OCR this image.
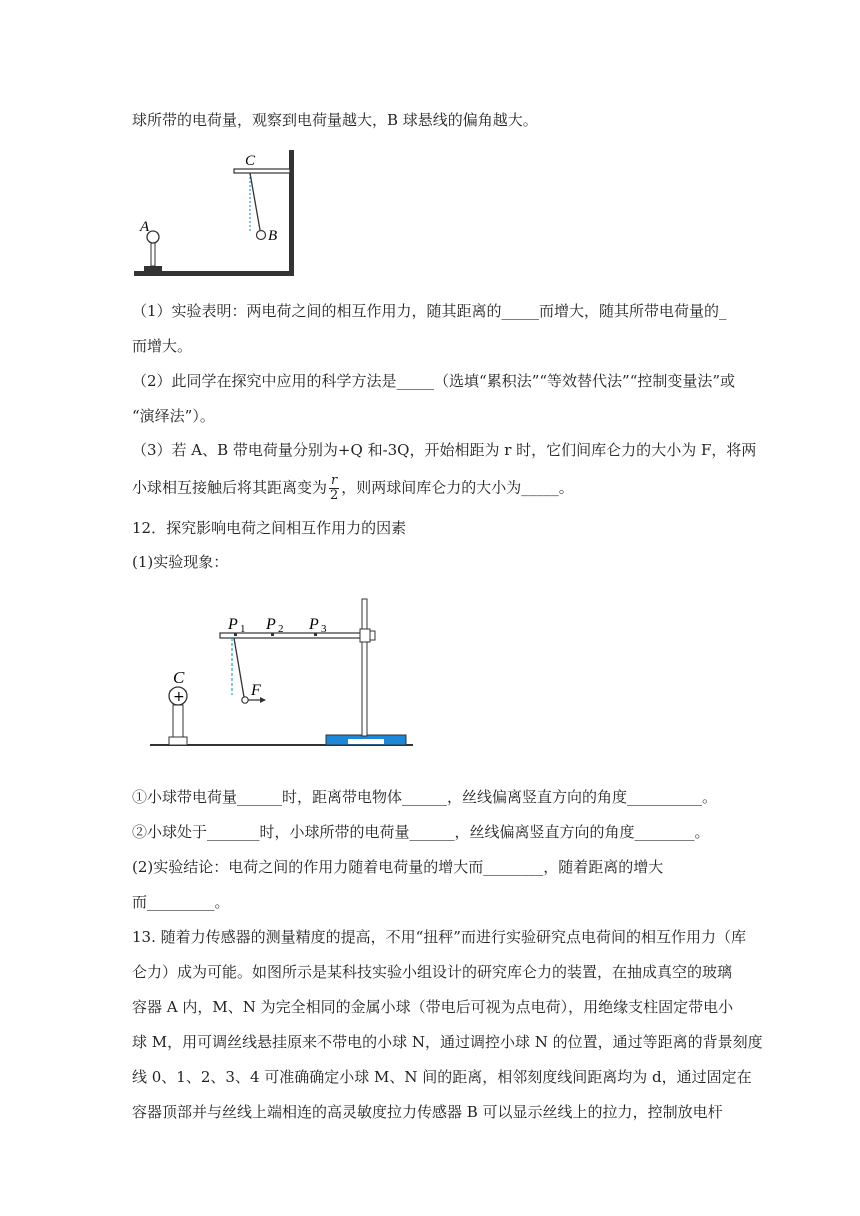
球所带的电荷量，观察到电荷量越大，B 球悬线的偏角越大。
A
C
B
（1）实验表明：两电荷之间的相互作用力，随其距离的_____而增大，随其所带电荷量的_
而增大。
（2）此同学在探究中应用的科学方法是_____（选填“累积法”“等效替代法”“控制变量法”或
“演绎法”）。
（3）若 A、B 带电荷量分别为+Q 和-3Q，开始相距为 r 时，它们间库仑力的大小为 F，将两
小球相互接触后将其距离变为 $\frac{r}{2}$ ，则两球间库仑力的大小为_____。
12．探究影响电荷之间相互作用力的因素
(1)实验现象：
+
C
F
P 1 P 2 P 3
①小球带电荷量______时，距离带电物体______，丝线偏离竖直方向的角度__________。
②小球处于_______时，小球所带的电荷量______，丝线偏离竖直方向的角度________。
(2)实验结论：电荷之间的作用力随着电荷量的增大而________，随着距离的增大
而_________。
13. 随着力传感器的测量精度的提高，不用“扭秤”而进行实验研究点电荷间的相互作用力（库
仑力）成为可能。如图所示是某科技实验小组设计的研究库仑力的装置，在抽成真空的玻璃
容器 A 内，M、N 为完全相同的金属小球（带电后可视为点电荷），用绝缘支柱固定带电小
球 M，用可调丝线悬挂原来不带电的小球 N，通过调控小球 N 的位置，通过等距离的背景刻度
线 0、1、2、3、4 可准确确定小球 M、N 间的距离，相邻刻度线间距离均为 d，通过固定在
容器顶部并与丝线上端相连的高灵敏度拉力传感器 B 可以显示丝线上的拉力，控制放电杆
